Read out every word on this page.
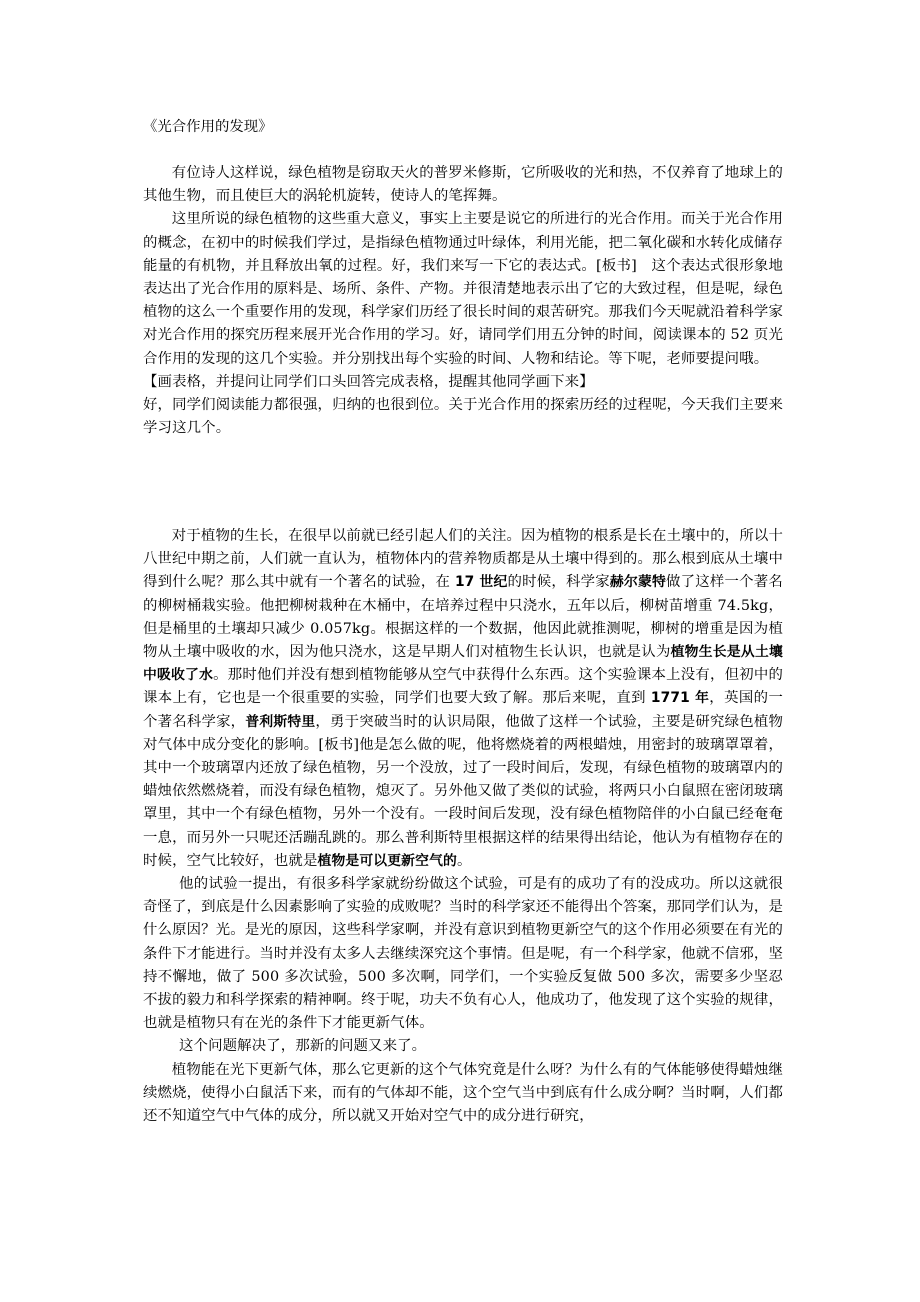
《光合作用的发现》

有位诗人这样说，绿色植物是窃取天火的普罗米修斯，它所吸收的光和热，不仅养育了地球上的其他生物，而且使巨大的涡轮机旋转，使诗人的笔挥舞。

这里所说的绿色植物的这些重大意义，事实上主要是说它的所进行的光合作用。而关于光合作用的概念，在初中的时候我们学过，是指绿色植物通过叶绿体，利用光能，把二氧化碳和水转化成储存能量的有机物，并且释放出氧的过程。好，我们来写一下它的表达式。[板书]　这个表达式很形象地表达出了光合作用的原料是、场所、条件、产物。并很清楚地表示出了它的大致过程，但是呢，绿色植物的这么一个重要作用的发现，科学家们历经了很长时间的艰苦研究。那我们今天呢就沿着科学家对光合作用的探究历程来展开光合作用的学习。好，请同学们用五分钟的时间，阅读课本的 52 页光合作用的发现的这几个实验。并分别找出每个实验的时间、人物和结论。等下呢，老师要提问哦。

【画表格，并提问让同学们口头回答完成表格，提醒其他同学画下来】

好，同学们阅读能力都很强，归纳的也很到位。关于光合作用的探索历经的过程呢，今天我们主要来学习这几个。

对于植物的生长，在很早以前就已经引起人们的关注。因为植物的根系是长在土壤中的，所以十八世纪中期之前，人们就一直认为，植物体内的营养物质都是从土壤中得到的。那么根到底从土壤中得到什么呢？那么其中就有一个著名的试验，在 17 世纪的时候，科学家赫尔蒙特做了这样一个著名的柳树桶栽实验。他把柳树栽种在木桶中，在培养过程中只浇水，五年以后，柳树苗增重 74.5kg，但是桶里的土壤却只减少 0.057kg。根据这样的一个数据，他因此就推测呢，柳树的增重是因为植物从土壤中吸收的水，因为他只浇水，这是早期人们对植物生长认识，也就是认为植物生长是从土壤中吸收了水。那时他们并没有想到植物能够从空气中获得什么东西。这个实验课本上没有，但初中的课本上有，它也是一个很重要的实验，同学们也要大致了解。那后来呢，直到 1771 年，英国的一个著名科学家，普利斯特里，勇于突破当时的认识局限，他做了这样一个试验，主要是研究绿色植物对气体中成分变化的影响。[板书]他是怎么做的呢，他将燃烧着的两根蜡烛，用密封的玻璃罩罩着，其中一个玻璃罩内还放了绿色植物，另一个没放，过了一段时间后，发现，有绿色植物的玻璃罩内的蜡烛依然燃烧着，而没有绿色植物，熄灭了。另外他又做了类似的试验，将两只小白鼠照在密闭玻璃罩里，其中一个有绿色植物，另外一个没有。一段时间后发现，没有绿色植物陪伴的小白鼠已经奄奄一息，而另外一只呢还活蹦乱跳的。那么普利斯特里根据这样的结果得出结论，他认为有植物存在的时候，空气比较好，也就是植物是可以更新空气的。

他的试验一提出，有很多科学家就纷纷做这个试验，可是有的成功了有的没成功。所以这就很奇怪了，到底是什么因素影响了实验的成败呢？当时的科学家还不能得出个答案，那同学们认为，是什么原因？光。是光的原因，这些科学家啊，并没有意识到植物更新空气的这个作用必须要在有光的条件下才能进行。当时并没有太多人去继续深究这个事情。但是呢，有一个科学家，他就不信邪，坚持不懈地，做了 500 多次试验，500 多次啊，同学们，一个实验反复做 500 多次，需要多少坚忍不拔的毅力和科学探索的精神啊。终于呢，功夫不负有心人，他成功了，他发现了这个实验的规律，也就是植物只有在光的条件下才能更新气体。

这个问题解决了，那新的问题又来了。

植物能在光下更新气体，那么它更新的这个气体究竟是什么呀？为什么有的气体能够使得蜡烛继续燃烧，使得小白鼠活下来，而有的气体却不能，这个空气当中到底有什么成分啊？当时啊，人们都还不知道空气中气体的成分，所以就又开始对空气中的成分进行研究，
